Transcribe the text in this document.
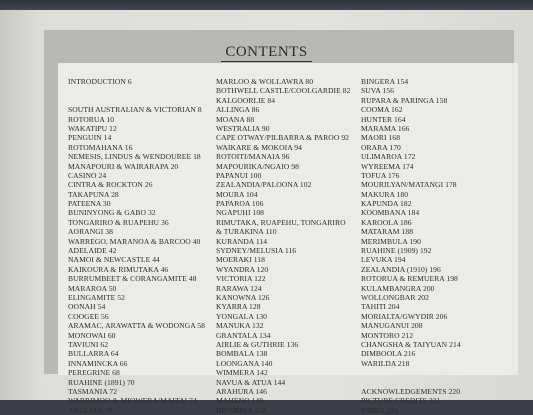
CONTENTS
INTRODUCTION 6
SOUTH AUSTRALIAN & VICTORIAN 8
ROTORUA 10
WAKATIPU 12
PENGUIN 14
ROTOMAHANA 16
NEMESIS, LINDUS & WENDOUREE 18
MANAPOURI & WAIRARAPA 20
CASINO 24
CINTRA & ROCKTON 26
TAKAPUNA 28
PATEENA 30
BUNINYONG & GABO 32
TONGARIRO & RUAPEHU 36
AORANGI 38
WARREGO, MARANOA & BARCOO 40
ADELAIDE 42
NAMOI & NEWCASTLE 44
KAIKOURA & RIMUTAKA 46
BURRUMBEET & CORANGAMITE 48
MARAROA 50
ELINGAMITE 52
OONAH 54
COOGEE 56
ARAMAC, ARAWATTA & WODONGA 58
MONOWAI 60
TAVIUNI 62
BULLARRA 64
INNAMINCKA 66
PEREGRINE 68
RUAHINE (1891) 70
TASMANIA 72
WARRIMOO & MIOWERA/MAITAI 74
ANGLIAN 78
MARLOO & WOLLAWRA 80
BOTHWELL CASTLE/COOLGARDIE 82
KALGOORLIE 84
ALLINGA 86
MOANA 88
WESTRALIA 90
CAPE OTWAY/PILBARRA & PAROO 92
WAIKARE & MOKOIA 94
ROTOITI/MANAIA 96
MAPOURIKA/NGAIO 98
PAPANUI 100
ZEALANDIA/PALOONA 102
MOURA 104
PAPAROA 106
NGAPUHI 108
RIMUTAKA, RUAPEHU, TONGARIRO
& TURAKINA 110
KURANDA 114
SYDNEY/MELUSIA 116
MOERAKI 118
WYANDRA 120
VICTORIA 122
RARAWA 124
KANOWNA 126
KYARRA 128
YONGALA 130
MANUKA 132
GRANTALA 134
AIRLIE & GUTHRIE 136
BOMBALA 138
LOONGANA 140
WIMMERA 142
NAVUA & ATUA 144
ARAHURA 146
MAHENO 148
RIVERINA 152
BINGERA 154
SUVA 156
RUPARA & PARINGA 158
COOMA 162
HUNTER 164
MARAMA 166
MAORI 168
ORARA 170
ULIMAROA 172
WYREEMA 174
TOFUA 176
MOURILYAN/MATANGI 178
MAKURA 180
KAPUNDA 182
KOOMBANA 184
KAROOLA 186
MATARAM 188
MERIMBULA 190
RUAHINE (1909) 192
LEVUKA 194
ZEALANDIA (1910) 196
ROTORUA & REMUERA 198
KULAMBANGRA 200
WOLLONGBAR 202
TAHITI 204
MORIALTA/GWYDIR 206
MANUGANUI 208
MONTORO 212
CHANGSHA & TAIYUAN 214
DIMBOOLA 216
WARILDA 218
ACKNOWLEDGEMENTS 220
PICTURE CREDITS 221
INDEX 221
